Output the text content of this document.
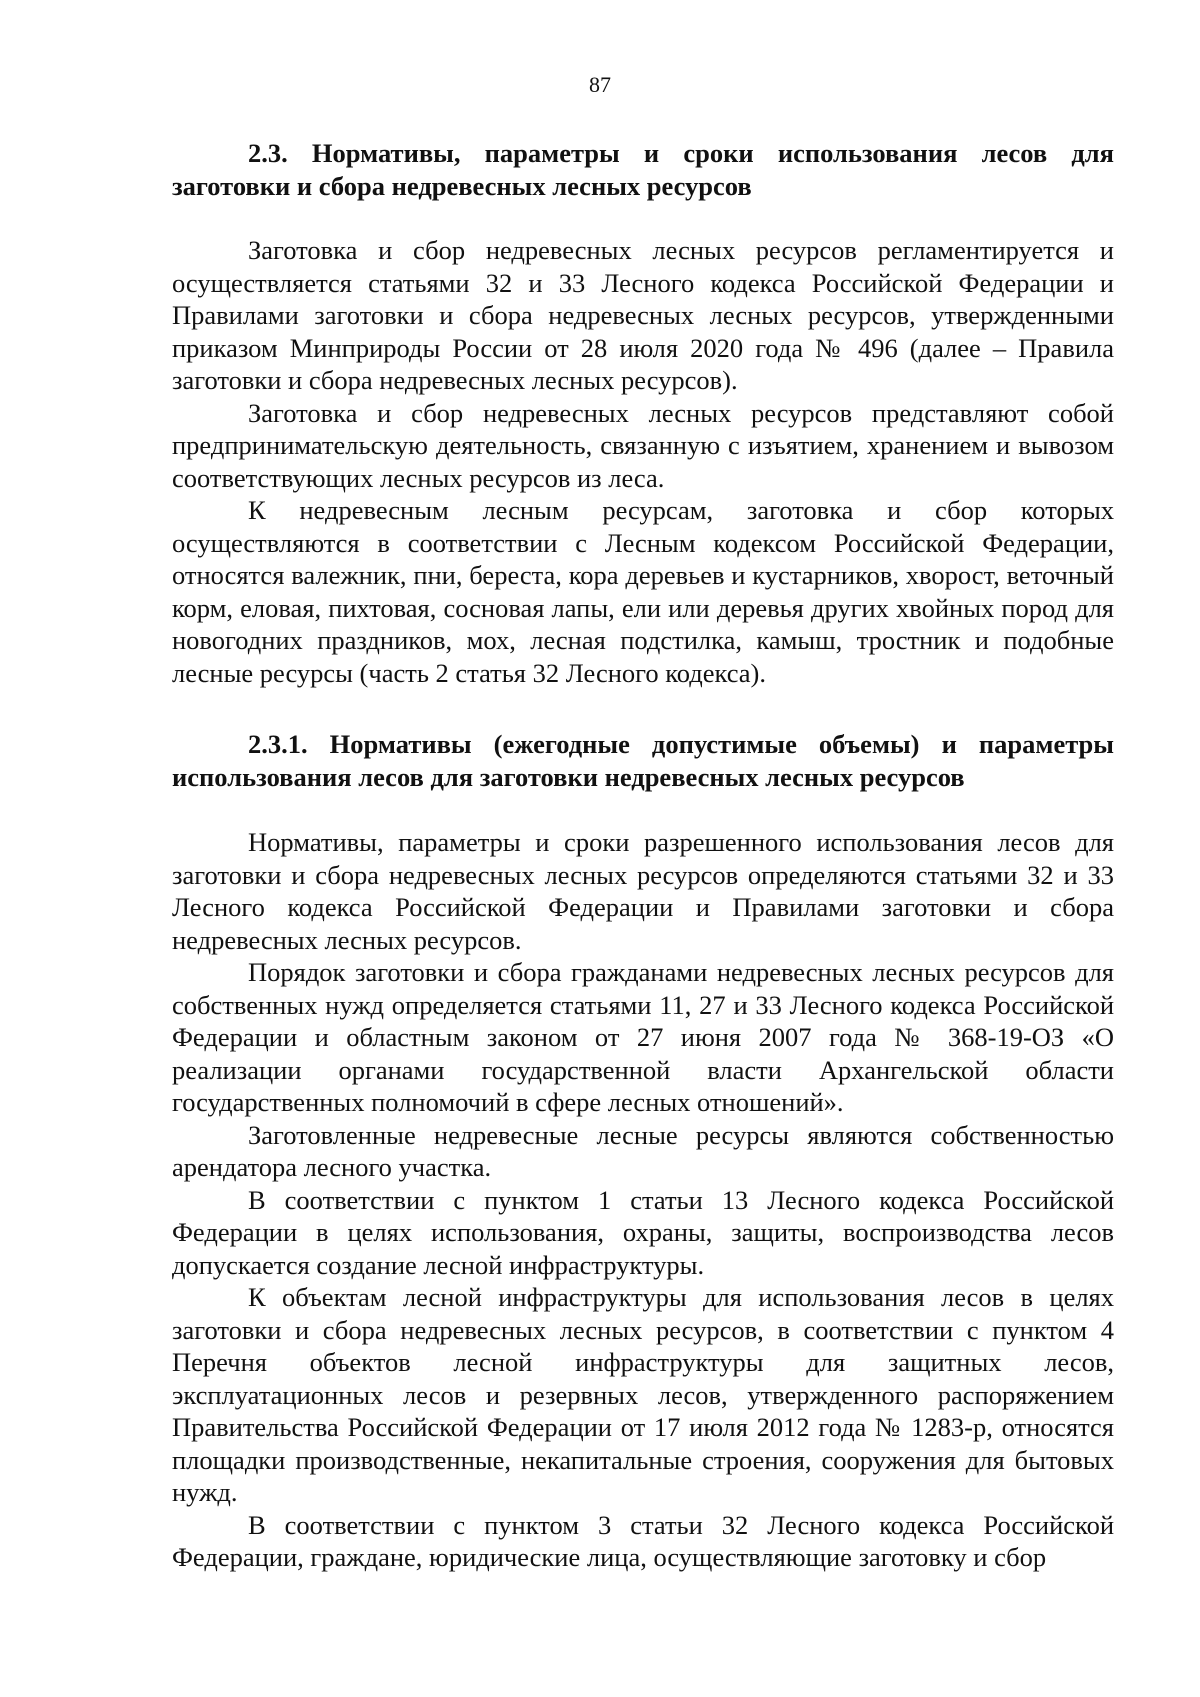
87

2.3. Нормативы, параметры и сроки использования лесов для заготовки и сбора недревесных лесных ресурсов

Заготовка и сбор недревесных лесных ресурсов регламентируется и осуществляется статьями 32 и 33 Лесного кодекса Российской Федерации и Правилами заготовки и сбора недревесных лесных ресурсов, утвержденными приказом Минприроды России от 28 июля 2020 года № 496 (далее – Правила заготовки и сбора недревесных лесных ресурсов).

Заготовка и сбор недревесных лесных ресурсов представляют собой предпринимательскую деятельность, связанную с изъятием, хранением и вывозом соответствующих лесных ресурсов из леса.

К недревесным лесным ресурсам, заготовка и сбор которых осуществляются в соответствии с Лесным кодексом Российской Федерации, относятся валежник, пни, береста, кора деревьев и кустарников, хворост, веточный корм, еловая, пихтовая, сосновая лапы, ели или деревья других хвойных пород для новогодних праздников, мох, лесная подстилка, камыш, тростник и подобные лесные ресурсы (часть 2 статья 32 Лесного кодекса).

2.3.1. Нормативы (ежегодные допустимые объемы) и параметры использования лесов для заготовки недревесных лесных ресурсов

Нормативы, параметры и сроки разрешенного использования лесов для заготовки и сбора недревесных лесных ресурсов определяются статьями 32 и 33 Лесного кодекса Российской Федерации и Правилами заготовки и сбора недревесных лесных ресурсов.

Порядок заготовки и сбора гражданами недревесных лесных ресурсов для собственных нужд определяется статьями 11, 27 и 33 Лесного кодекса Российской Федерации и областным законом от 27 июня 2007 года № 368-19-ОЗ «О реализации органами государственной власти Архангельской области государственных полномочий в сфере лесных отношений».

Заготовленные недревесные лесные ресурсы являются собственностью арендатора лесного участка.

В соответствии с пунктом 1 статьи 13 Лесного кодекса Российской Федерации в целях использования, охраны, защиты, воспроизводства лесов допускается создание лесной инфраструктуры.

К объектам лесной инфраструктуры для использования лесов в целях заготовки и сбора недревесных лесных ресурсов, в соответствии с пунктом 4 Перечня объектов лесной инфраструктуры для защитных лесов, эксплуатационных лесов и резервных лесов, утвержденного распоряжением Правительства Российской Федерации от 17 июля 2012 года № 1283-р, относятся площадки производственные, некапитальные строения, сооружения для бытовых нужд.

В соответствии с пунктом 3 статьи 32 Лесного кодекса Российской Федерации, граждане, юридические лица, осуществляющие заготовку и сбор
